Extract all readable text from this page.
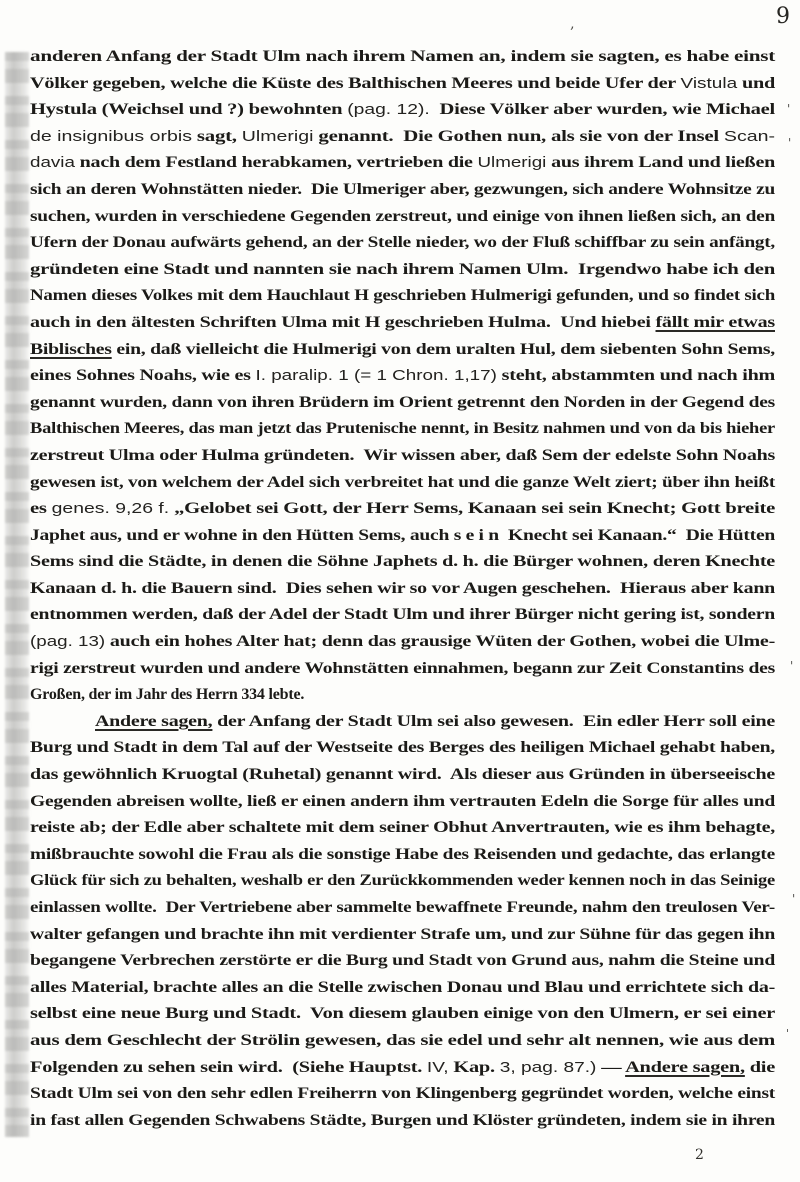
9
anderen Anfang der Stadt Ulm nach ihrem Namen an, indem sie sagten, es habe einst
Völker gegeben, welche die Küste des Balthischen Meeres und beide Ufer der Vistula und
Hystula (Weichsel und ?) bewohnten (pag. 12).  Diese Völker aber wurden, wie Michael
de insignibus orbis sagt, Ulmerigi genannt.  Die Gothen nun, als sie von der Insel Scan-
davia nach dem Festland herabkamen, vertrieben die Ulmerigi aus ihrem Land und ließen
sich an deren Wohnstätten nieder.  Die Ulmeriger aber, gezwungen, sich andere Wohnsitze zu
suchen, wurden in verschiedene Gegenden zerstreut, und einige von ihnen ließen sich, an den
Ufern der Donau aufwärts gehend, an der Stelle nieder, wo der Fluß schiffbar zu sein anfängt,
gründeten eine Stadt und nannten sie nach ihrem Namen Ulm.  Irgendwo habe ich den
Namen dieses Volkes mit dem Hauchlaut H geschrieben Hulmerigi gefunden, und so findet sich
auch in den ältesten Schriften Ulma mit H geschrieben Hulma.  Und hiebei fällt mir etwas
Biblisches ein, daß vielleicht die Hulmerigi von dem uralten Hul, dem siebenten Sohn Sems,
eines Sohnes Noahs, wie es I. paralip. 1 (= 1 Chron. 1,17) steht, abstammten und nach ihm
genannt wurden, dann von ihren Brüdern im Orient getrennt den Norden in der Gegend des
Balthischen Meeres, das man jetzt das Prutenische nennt, in Besitz nahmen und von da bis hieher
zerstreut Ulma oder Hulma gründeten.  Wir wissen aber, daß Sem der edelste Sohn Noahs
gewesen ist, von welchem der Adel sich verbreitet hat und die ganze Welt ziert; über ihn heißt
es genes. 9,26 f. „Gelobet sei Gott, der Herr Sems, Kanaan sei sein Knecht; Gott breite
Japhet aus, und er wohne in den Hütten Sems, auch sein Knecht sei Kanaan.“  Die Hütten
Sems sind die Städte, in denen die Söhne Japhets d. h. die Bürger wohnen, deren Knechte
Kanaan d. h. die Bauern sind.  Dies sehen wir so vor Augen geschehen.  Hieraus aber kann
entnommen werden, daß der Adel der Stadt Ulm und ihrer Bürger nicht gering ist, sondern
(pag. 13) auch ein hohes Alter hat; denn das grausige Wüten der Gothen, wobei die Ulme-
rigi zerstreut wurden und andere Wohnstätten einnahmen, begann zur Zeit Constantins des
Großen, der im Jahr des Herrn 334 lebte.
Andere sagen, der Anfang der Stadt Ulm sei also gewesen.  Ein edler Herr soll eine
Burg und Stadt in dem Tal auf der Westseite des Berges des heiligen Michael gehabt haben,
das gewöhnlich Kruogtal (Ruhetal) genannt wird.  Als dieser aus Gründen in überseeische
Gegenden abreisen wollte, ließ er einen andern ihm vertrauten Edeln die Sorge für alles und
reiste ab; der Edle aber schaltete mit dem seiner Obhut Anvertrauten, wie es ihm behagte,
mißbrauchte sowohl die Frau als die sonstige Habe des Reisenden und gedachte, das erlangte
Glück für sich zu behalten, weshalb er den Zurückkommenden weder kennen noch in das Seinige
einlassen wollte.  Der Vertriebene aber sammelte bewaffnete Freunde, nahm den treulosen Ver-
walter gefangen und brachte ihn mit verdienter Strafe um, und zur Sühne für das gegen ihn
begangene Verbrechen zerstörte er die Burg und Stadt von Grund aus, nahm die Steine und
alles Material, brachte alles an die Stelle zwischen Donau und Blau und errichtete sich da-
selbst eine neue Burg und Stadt.  Von diesem glauben einige von den Ulmern, er sei einer
aus dem Geschlecht der Strölin gewesen, das sie edel und sehr alt nennen, wie aus dem
Folgenden zu sehen sein wird.  (Siehe Hauptst. IV, Kap. 3, pag. 87.) — Andere sagen, die
Stadt Ulm sei von den sehr edlen Freiherrn von Klingenberg gegründet worden, welche einst
in fast allen Gegenden Schwabens Städte, Burgen und Klöster gründeten, indem sie in ihren
2
‚
'
'
'
'
'
